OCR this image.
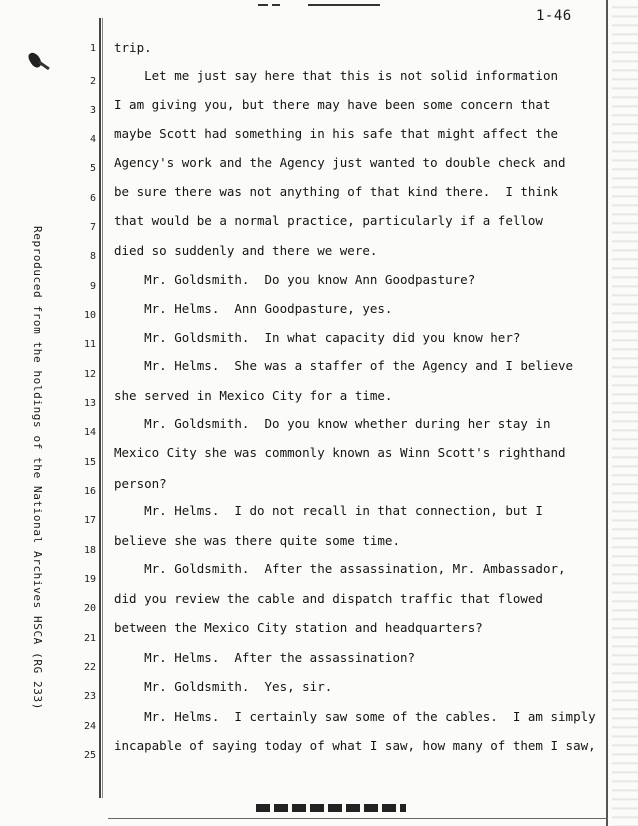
1-46
Reproduced from the holdings of the National Archives HSCA (RG 233)
1
2
3
4
5
6
7
8
9
10
11
12
13
14
15
16
17
18
19
20
21
22
23
24
25
trip.
Let me just say here that this is not solid information
I am giving you, but there may have been some concern that
maybe Scott had something in his safe that might affect the
Agency's work and the Agency just wanted to double check and
be sure there was not anything of that kind there.  I think
that would be a normal practice, particularly if a fellow
died so suddenly and there we were.
Mr. Goldsmith.  Do you know Ann Goodpasture?
Mr. Helms.  Ann Goodpasture, yes.
Mr. Goldsmith.  In what capacity did you know her?
Mr. Helms.  She was a staffer of the Agency and I believe
she served in Mexico City for a time.
Mr. Goldsmith.  Do you know whether during her stay in
Mexico City she was commonly known as Winn Scott's righthand
person?
Mr. Helms.  I do not recall in that connection, but I
believe she was there quite some time.
Mr. Goldsmith.  After the assassination, Mr. Ambassador,
did you review the cable and dispatch traffic that flowed
between the Mexico City station and headquarters?
Mr. Helms.  After the assassination?
Mr. Goldsmith.  Yes, sir.
Mr. Helms.  I certainly saw some of the cables.  I am simply
incapable of saying today of what I saw, how many of them I saw,
